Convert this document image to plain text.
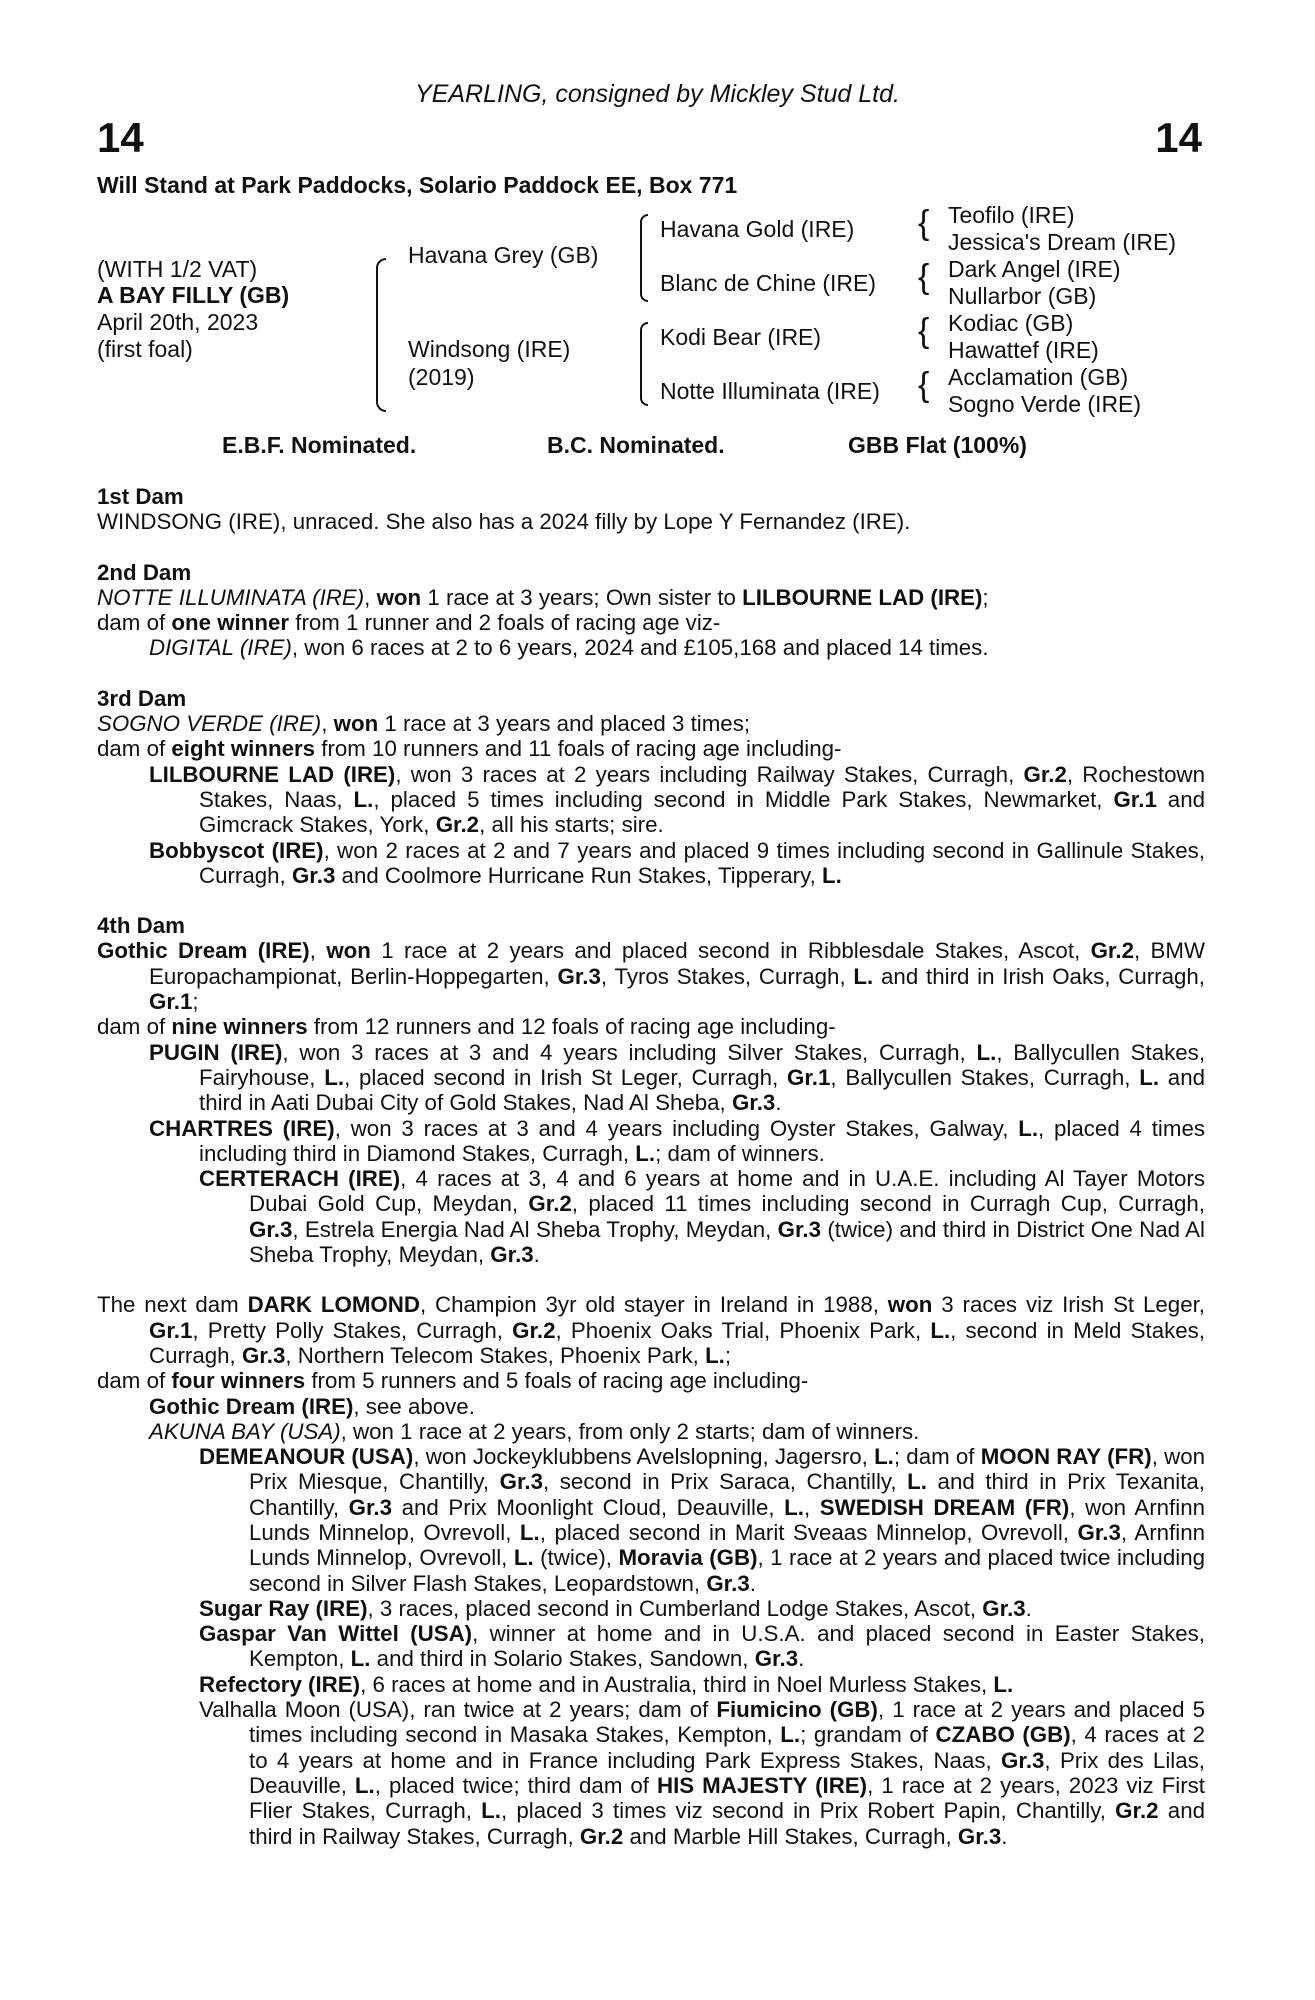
YEARLING, consigned by Mickley Stud Ltd.
14	14
Will Stand at Park Paddocks, Solario Paddock EE, Box 771
(WITH 1/2 VAT)
A BAY FILLY (GB)
April 20th, 2023
(first foal)
{
{
{
{
Havana Grey (GB)
Windsong (IRE)
(2019)
Havana Gold (IRE)
Blanc de Chine (IRE)
Kodi Bear (IRE)
Notte Illuminata (IRE)
Teofilo (IRE)
Jessica's Dream (IRE)
Dark Angel (IRE)
Nullarbor (GB)
Kodiac (GB)
Hawattef (IRE)
Acclamation (GB)
Sogno Verde (IRE)
E.B.F. Nominated.	B.C. Nominated.	GBB Flat (100%)
1st Dam
WINDSONG (IRE), unraced. She also has a 2024 filly by Lope Y Fernandez (IRE).
2nd Dam
NOTTE ILLUMINATA (IRE), won 1 race at 3 years; Own sister to LILBOURNE LAD (IRE);
dam of one winner from 1 runner and 2 foals of racing age viz-
DIGITAL (IRE), won 6 races at 2 to 6 years, 2024 and £105,168 and placed 14 times.
3rd Dam
SOGNO VERDE (IRE), won 1 race at 3 years and placed 3 times;
dam of eight winners from 10 runners and 11 foals of racing age including-
LILBOURNE LAD (IRE), won 3 races at 2 years including Railway Stakes, Curragh, Gr.2, Rochestown Stakes, Naas, L., placed 5 times including second in Middle Park Stakes, Newmarket, Gr.1 and Gimcrack Stakes, York, Gr.2, all his starts; sire.
Bobbyscot (IRE), won 2 races at 2 and 7 years and placed 9 times including second in Gallinule Stakes, Curragh, Gr.3 and Coolmore Hurricane Run Stakes, Tipperary, L.
4th Dam
Gothic Dream (IRE), won 1 race at 2 years and placed second in Ribblesdale Stakes, Ascot, Gr.2, BMW Europachampionat, Berlin-Hoppegarten, Gr.3, Tyros Stakes, Curragh, L. and third in Irish Oaks, Curragh, Gr.1;
dam of nine winners from 12 runners and 12 foals of racing age including-
PUGIN (IRE), won 3 races at 3 and 4 years including Silver Stakes, Curragh, L., Ballycullen Stakes, Fairyhouse, L., placed second in Irish St Leger, Curragh, Gr.1, Ballycullen Stakes, Curragh, L. and third in Aati Dubai City of Gold Stakes, Nad Al Sheba, Gr.3.
CHARTRES (IRE), won 3 races at 3 and 4 years including Oyster Stakes, Galway, L., placed 4 times including third in Diamond Stakes, Curragh, L.; dam of winners.
CERTERACH (IRE), 4 races at 3, 4 and 6 years at home and in U.A.E. including Al Tayer Motors Dubai Gold Cup, Meydan, Gr.2, placed 11 times including second in Curragh Cup, Curragh, Gr.3, Estrela Energia Nad Al Sheba Trophy, Meydan, Gr.3 (twice) and third in District One Nad Al Sheba Trophy, Meydan, Gr.3.
The next dam DARK LOMOND, Champion 3yr old stayer in Ireland in 1988, won 3 races viz Irish St Leger, Gr.1, Pretty Polly Stakes, Curragh, Gr.2, Phoenix Oaks Trial, Phoenix Park, L., second in Meld Stakes, Curragh, Gr.3, Northern Telecom Stakes, Phoenix Park, L.;
dam of four winners from 5 runners and 5 foals of racing age including-
Gothic Dream (IRE), see above.
AKUNA BAY (USA), won 1 race at 2 years, from only 2 starts; dam of winners.
DEMEANOUR (USA), won Jockeyklubbens Avelslopning, Jagersro, L.; dam of MOON RAY (FR), won Prix Miesque, Chantilly, Gr.3, second in Prix Saraca, Chantilly, L. and third in Prix Texanita, Chantilly, Gr.3 and Prix Moonlight Cloud, Deauville, L., SWEDISH DREAM (FR), won Arnfinn Lunds Minnelop, Ovrevoll, L., placed second in Marit Sveaas Minnelop, Ovrevoll, Gr.3, Arnfinn Lunds Minnelop, Ovrevoll, L. (twice), Moravia (GB), 1 race at 2 years and placed twice including second in Silver Flash Stakes, Leopardstown, Gr.3.
Sugar Ray (IRE), 3 races, placed second in Cumberland Lodge Stakes, Ascot, Gr.3.
Gaspar Van Wittel (USA), winner at home and in U.S.A. and placed second in Easter Stakes, Kempton, L. and third in Solario Stakes, Sandown, Gr.3.
Refectory (IRE), 6 races at home and in Australia, third in Noel Murless Stakes, L.
Valhalla Moon (USA), ran twice at 2 years; dam of Fiumicino (GB), 1 race at 2 years and placed 5 times including second in Masaka Stakes, Kempton, L.; grandam of CZABO (GB), 4 races at 2 to 4 years at home and in France including Park Express Stakes, Naas, Gr.3, Prix des Lilas, Deauville, L., placed twice; third dam of HIS MAJESTY (IRE), 1 race at 2 years, 2023 viz First Flier Stakes, Curragh, L., placed 3 times viz second in Prix Robert Papin, Chantilly, Gr.2 and third in Railway Stakes, Curragh, Gr.2 and Marble Hill Stakes, Curragh, Gr.3.
